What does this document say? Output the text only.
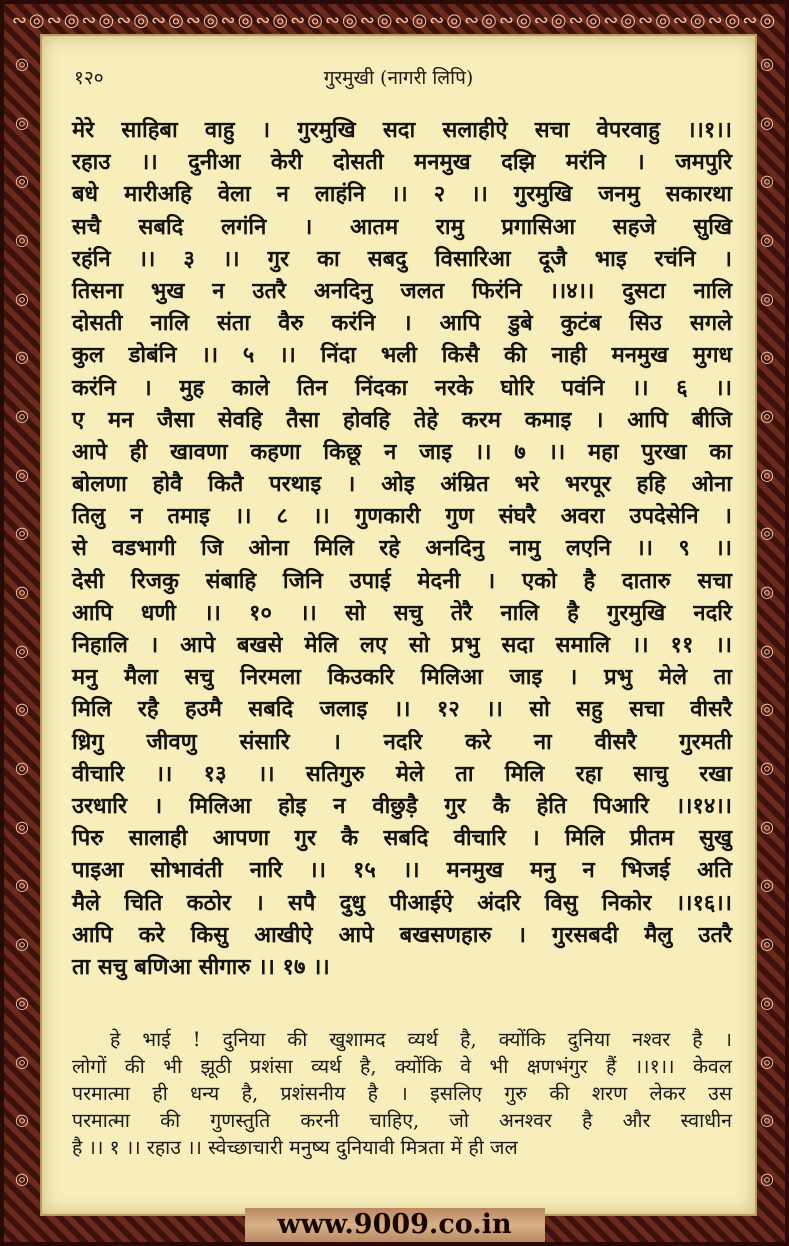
∾◎∾◎∾◎∾◎∾◎∾◎∾◎∾◎∾◎∾◎∾◎∾◎∾◎∾◎∾◎∾◎∾◎∾◎∾◎∾◎∾◎∾◎
◎
◎
◎
◎
◎
◎
◎
◎
◎
◎
◎
◎
◎
◎
◎
◎
◎
◎
◎
◎
◎
◎
◎
◎
◎
◎
◎
◎
◎
◎
◎
◎
◎
◎
◎
◎
◎
◎
◎
◎
१२०	गुरमुखी (नागरी लिपि)
मेरे साहिबा वाहु । गुरमुखि सदा सलाहीऐ सचा वेपरवाहु ।।१।।
रहाउ ।। दुनीआ केरी दोसती मनमुख दझि मरंनि । जमपुरि
बधे मारीअहि वेला न लाहंनि ।। २ ।। गुरमुखि जनमु सकारथा
सचै सबदि लगंनि । आतम रामु प्रगासिआ सहजे सुखि
रहंनि ।। ३ ।। गुर का सबदु विसारिआ दूजै भाइ रचंनि ।
तिसना भुख न उतरै अनदिनु जलत फिरंनि ।।४।। दुसटा नालि
दोसती नालि संता वैरु करंनि । आपि डुबे कुटंब सिउ सगले
कुल डोबंनि ।। ५ ।। निंदा भली किसै की नाही मनमुख मुगध
करंनि । मुह काले तिन निंदका नरके घोरि पवंनि ।। ६ ।।
ए मन जैसा सेवहि तैसा होवहि तेहे करम कमाइ । आपि बीजि
आपे ही खावणा कहणा किछू न जाइ ।। ७ ।। महा पुरखा का
बोलणा होवै कितै परथाइ । ओइ अंम्रित भरे भरपूर हहि ओना
तिलु न तमाइ ।। ८ ।। गुणकारी गुण संघरै अवरा उपदेसेनि ।
से वडभागी जि ओना मिलि रहे अनदिनु नामु लएनि ।। ९ ।।
देसी रिजकु संबाहि जिनि उपाई मेदनी । एको है दातारु सचा
आपि धणी ।। १० ।। सो सचु तेरै नालि है गुरमुखि नदरि
निहालि । आपे बखसे मेलि लए सो प्रभु सदा समालि ।। ११ ।।
मनु मैला सचु निरमला किउकरि मिलिआ जाइ । प्रभु मेले ता
मिलि रहै हउमै सबदि जलाइ ।। १२ ।। सो सहु सचा वीसरै
ध्रिगु जीवणु संसारि । नदरि करे ना वीसरै गुरमती
वीचारि ।। १३ ।। सतिगुरु मेले ता मिलि रहा साचु रखा
उरधारि । मिलिआ होइ न वीछुड़ै गुर कै हेति पिआरि ।।१४।।
पिरु सालाही आपणा गुर कै सबदि वीचारि । मिलि प्रीतम सुखु
पाइआ सोभावंती नारि ।। १५ ।। मनमुख मनु न भिजई अति
मैले चिति कठोर । सपै दुधु पीआईऐ अंदरि विसु निकोर ।।१६।।
आपि करे किसु आखीऐ आपे बखसणहारु । गुरसबदी मैलु उतरै
ता सचु बणिआ सीगारु ।। १७ ।।
हे भाई ! दुनिया की खुशामद व्यर्थ है, क्योंकि दुनिया नश्वर है ।
लोगों की भी झूठी प्रशंसा व्यर्थ है, क्योंकि वे भी क्षणभंगुर हैं ।।१।। केवल
परमात्मा ही धन्य है, प्रशंसनीय है । इसलिए गुरु की शरण लेकर उस
परमात्मा की गुणस्तुति करनी चाहिए, जो अनश्वर है और स्वाधीन
है ।। १ ।। रहाउ ।। स्वेच्छाचारी मनुष्य दुनियावी मित्रता में ही जल
www.9009.co.in
